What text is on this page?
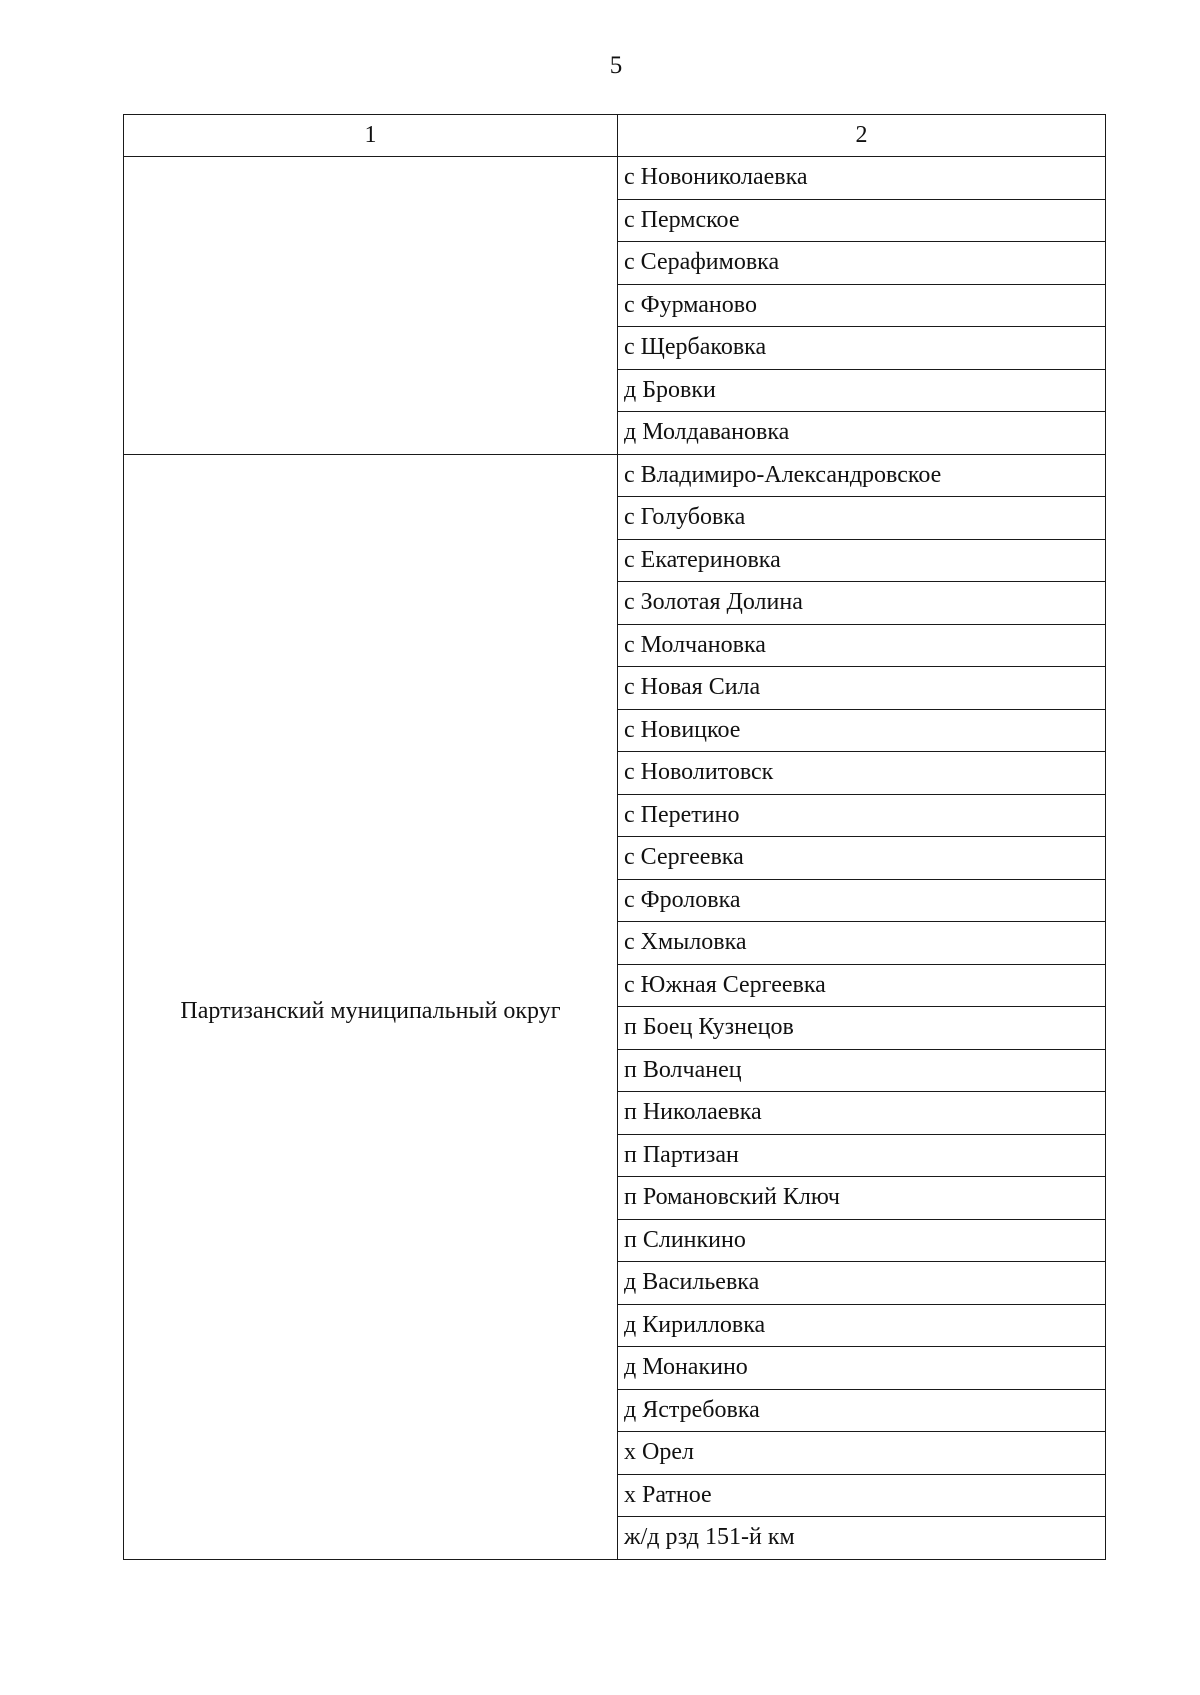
5
1	2
	с Новониколаевка
	с Пермское
	с Серафимовка
	с Фурманово
	с Щербаковка
	д Бровки
	д Молдавановка
Партизанский муниципальный округ	с Владимиро-Александровское
	с Голубовка
	с Екатериновка
	с Золотая Долина
	с Молчановка
	с Новая Сила
	с Новицкое
	с Новолитовск
	с Перетино
	с Сергеевка
	с Фроловка
	с Хмыловка
	с Южная Сергеевка
	п Боец Кузнецов
	п Волчанец
	п Николаевка
	п Партизан
	п Романовский Ключ
	п Слинкино
	д Васильевка
	д Кирилловка
	д Монакино
	д Ястребовка
	х Орел
	х Ратное
	ж/д рзд 151-й км
